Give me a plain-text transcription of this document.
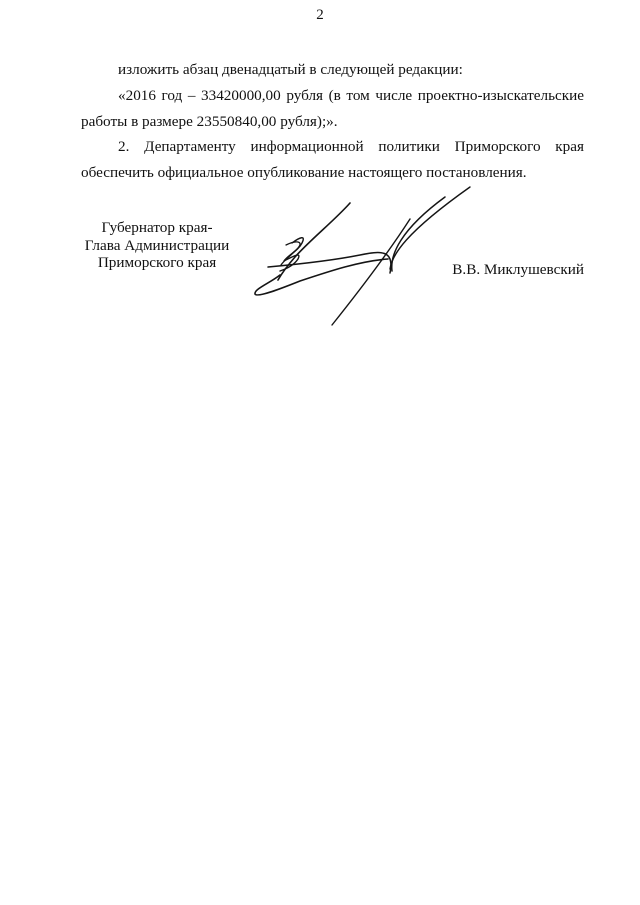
2

изложить абзац двенадцатый в следующей редакции:

«2016 год – 33420000,00 рубля (в том числе проектно-изыскательские работы в размере 23550840,00 рубля);».

2. Департаменту информационной политики Приморского края обеспечить официальное опубликование настоящего постановления.

Губернатор края-
Глава Администрации
Приморского края	В.В. Миклушевский
